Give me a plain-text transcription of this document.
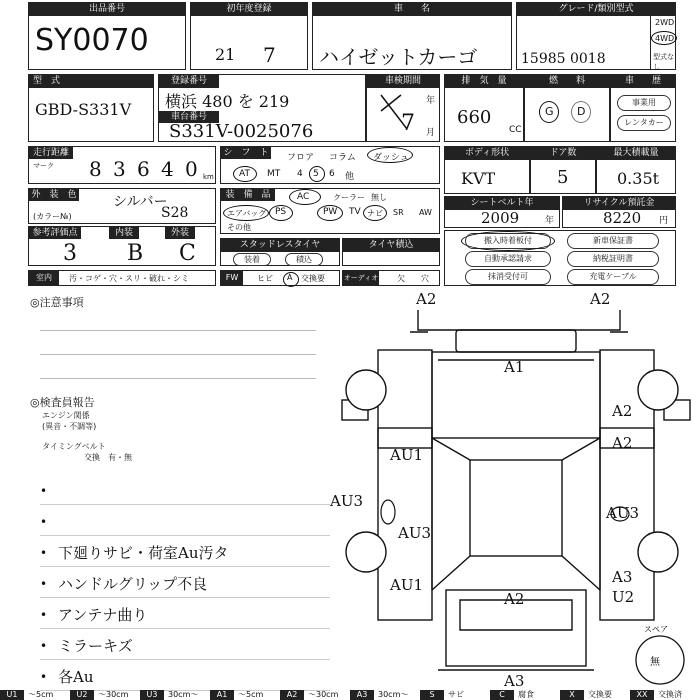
出品番号
SY0070
初年度登録
21 7
車　　名
ハイゼットカーゴ
グレード/類別型式
15985 0018
2WD
4WD
型式なし
型　式
GBD-S331V
登録番号
横浜 480 を 219
車台番号
S331V-0025076
車検期間
年
月
7
排　気　量
660
CC
燃　　料
G D
車　　歴
事業用
レンタカー
走行距離
マーク 8 3 6 4 0 km
シ　フ　ト フロア コラム ダッシュ
AT MT 4 5 6 他
ボディ形状
KVT
ドア数
5
最大積載量
0.35t
外　装　色	シルバー
(カラー№)	S28
装　備　品	AC	クーラー 無し
エアバッグ PS	PW TV ナビ SR AW
その他
シートベルト年
2009	年
リサイクル預託金
8220 円
参考評価点	内装	外装
3 B C	スタッドレスタイヤ
装着	積込
タイヤ積込	搬入時着板付	新車保証書
自動承認請求	納税証明書
抹消受付可	充電ケーブル
室内	汚・コゲ・穴・スリ・破れ・シミ	FW	ヒビ A 交換要	オーディオ 欠 穴
◎注意事項
◎検査員報告
エンジン関係
(異音・不調等)
タイミングベルト
交換　有・無
•
•
• 下廻りサビ・荷室Au汚タ
• ハンドルグリップ不良
• アンテナ曲り
• ミラーキズ
• 各Au
スペア
無
A2	A2
A1
A2
A2
AU1
AU3
AU3
AU3
AU1	A3
U2
A2
A3
U1	～5cm	U2	～30cm	U3	30cm～	A1	～5cm	A2	～30cm	A3	30cm～	S	サビ	C	腐食	X	交換要	XX	交換済
